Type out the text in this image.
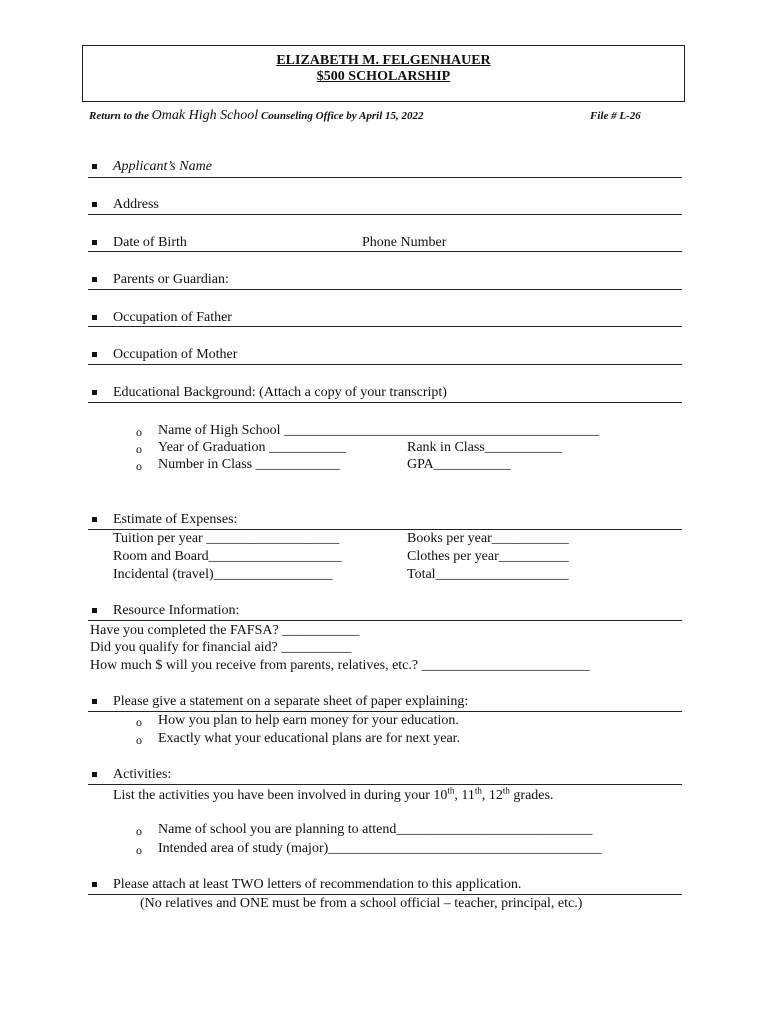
ELIZABETH M. FELGENHAUER
$500 SCHOLARSHIP
Return to the Omak High School Counseling Office by April 15, 2022	File # L-26
Applicant’s Name
Address
Date of Birth	Phone Number
Parents or Guardian:
Occupation of Father
Occupation of Mother
Educational Background: (Attach a copy of your transcript)
o Name of High School _____________________________________________
o Year of Graduation ___________	Rank in Class___________
o Number in Class ____________	GPA___________
Estimate of Expenses:
Tuition per year ___________________	Books per year___________
Room and Board___________________	Clothes per year__________
Incidental (travel)_________________	Total___________________
Resource Information:
Have you completed the FAFSA? ___________
Did you qualify for financial aid? __________
How much $ will you receive from parents, relatives, etc.? ________________________
Please give a statement on a separate sheet of paper explaining:
o How you plan to help earn money for your education.
o Exactly what your educational plans are for next year.
Activities:
List the activities you have been involved in during your 10th, 11th, 12th grades.
o Name of school you are planning to attend____________________________
o Intended area of study (major)_______________________________________
Please attach at least TWO letters of recommendation to this application.
(No relatives and ONE must be from a school official – teacher, principal, etc.)
